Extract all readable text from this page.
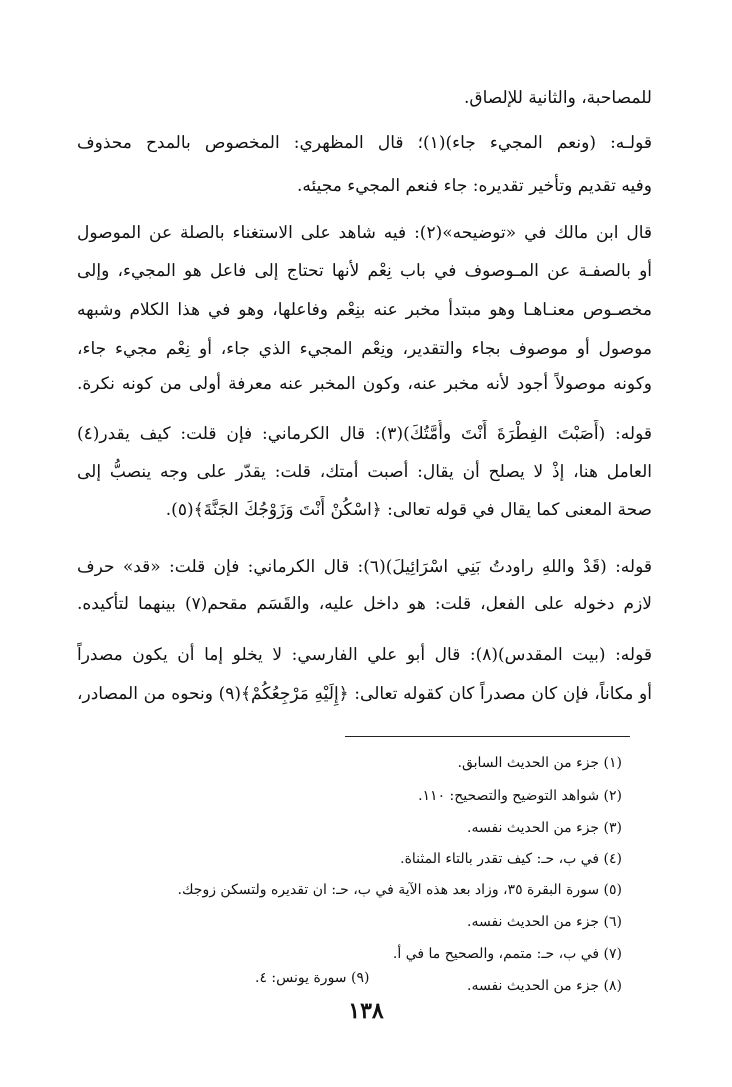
للمصاحبة، والثانية للإلصاق.
قولـه: (ونعم المجيء جاء)(١)؛ قال المظهري: المخصوص بالمدح محذوف
وفيه تقديم وتأخير تقديره: جاء فنعم المجيء مجيئه.
قال ابن مالك في «توضيحه»(٢): فيه شاهد على الاستغناء بالصلة عن الموصول
أو بالصفـة عن المـوصوف في باب نِعْم لأنها تحتاج إلى فاعل هو المجيء، وإلى
مخصـوص معنـاهـا وهو مبتدأ مخبر عنه بنِعْم وفاعلها، وهو في هذا الكلام وشبهه
موصول أو موصوف بجاء والتقدير، ونِعْم المجيء الذي جاء، أو نِعْم مجيء جاء،
وكونه موصولاً أجود لأنه مخبر عنه، وكون المخبر عنه معرفة أولى من كونه نكرة.
قوله: (أَصَبْتَ الفِطْرَةَ أَنْتَ وأُمَّتُكَ)(٣): قال الكرماني: فإن قلت: كيف يقدر(٤)
العامل هنا، إذْ لا يصلح أن يقال: أصبت أمتك، قلت: يقدّر على وجه ينصبُّ إلى
صحة المعنى كما يقال في قوله تعالى: ﴿اسْكُنْ أَنْتَ وَزَوْجُكَ الجَنَّةَ﴾(٥).
قوله: (قَدْ واللهِ راودتُ بَنِي اسْرَائِيلَ)(٦): قال الكرماني: فإن قلت: «قد» حرف
لازم دخوله على الفعل، قلت: هو داخل عليه، والقَسَم مقحم(٧) بينهما لتأكيده.
قوله: (بيت المقدس)(٨): قال أبو علي الفارسي: لا يخلو إما أن يكون مصدراً
أو مكاناً، فإن كان مصدراً كان كقوله تعالى: ﴿إِلَيْهِ مَرْجِعُكُمْ﴾(٩) ونحوه من المصادر،
(١) جزء من الحديث السابق.
(٢) شواهد التوضيح والتصحيح: ١١٠.
(٣) جزء من الحديث نفسه.
(٤) في ب، حـ: كيف تقدر بالتاء المثناة.
(٥) سورة البقرة ٣٥، وزاد بعد هذه الآية في ب، حـ: ان تقديره ولتسكن زوجك.
(٦) جزء من الحديث نفسه.
(٧) في ب، حـ: متمم، والصحيح ما في أ.
(٨) جزء من الحديث نفسه.
(٩) سورة يونس: ٤.
١٣٨
